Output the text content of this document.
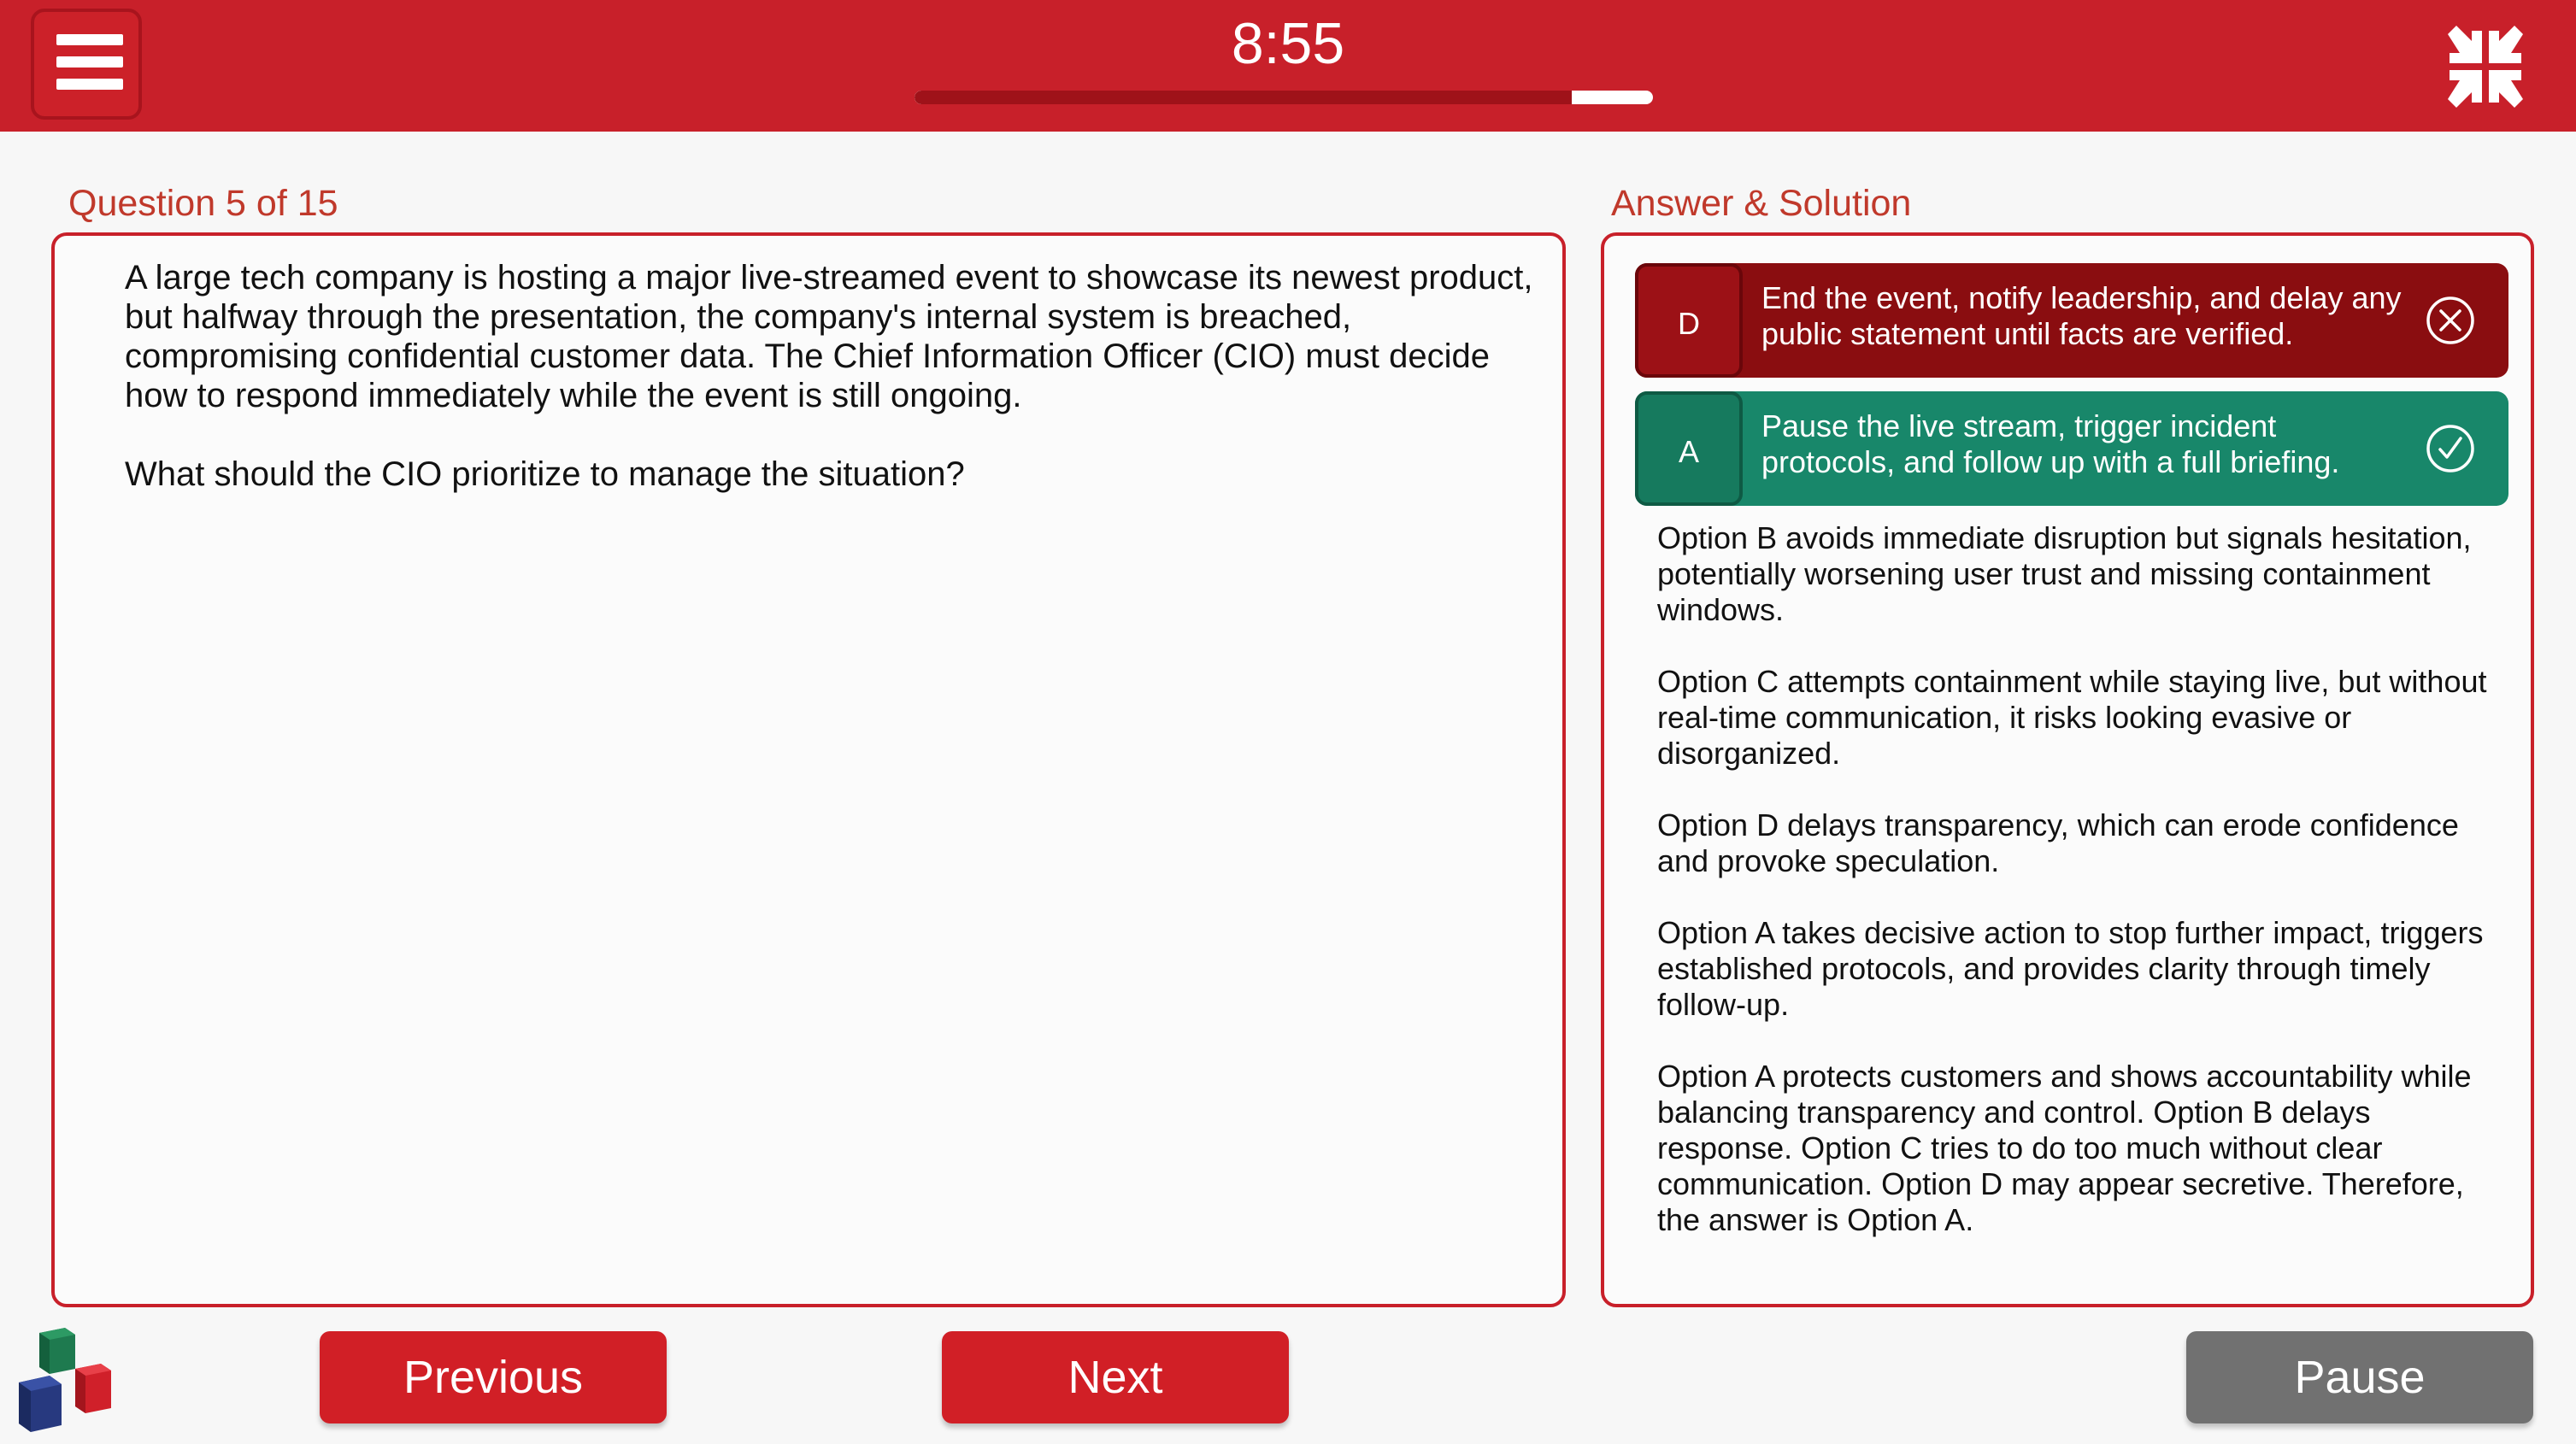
8:55
Question 5 of 15

A large tech company is hosting a major live-streamed event to showcase its newest product, but halfway through the presentation, the company's internal system is breached, compromising confidential customer data. The Chief Information Officer (CIO) must decide how to respond immediately while the event is still ongoing.

What should the CIO prioritize to manage the situation?

Answer & Solution
D
End the event, notify leadership, and delay any public statement until facts are verified.
A
Pause the live stream, trigger incident protocols, and follow up with a full briefing.

Option B avoids immediate disruption but signals hesitation, potentially worsening user trust and missing containment windows.

Option C attempts containment while staying live, but without real-time communication, it risks looking evasive or disorganized.

Option D delays transparency, which can erode confidence and provoke speculation.

Option A takes decisive action to stop further impact, triggers established protocols, and provides clarity through timely follow-up.

Option A protects customers and shows accountability while balancing transparency and control. Option B delays response. Option C tries to do too much without clear communication. Option D may appear secretive. Therefore, the answer is Option A.

Previous	Next	Pause
